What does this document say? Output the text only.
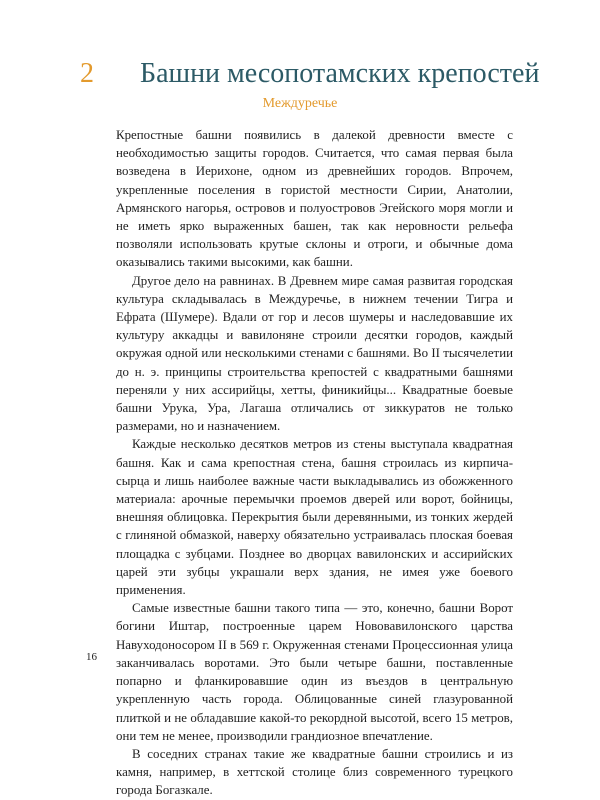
2 Башни месопотамских крепостей
Междуречье

Крепостные башни появились в далекой древности вместе с необходимостью защиты городов. Считается, что самая первая была возведена в Иерихоне, одном из древнейших городов. Впрочем, укрепленные поселения в гористой местности Сирии, Анатолии, Армянского нагорья, островов и полуостровов Эгейского моря могли и не иметь ярко выраженных башен, так как неровности рельефа позволяли использовать крутые склоны и отроги, и обычные дома оказывались такими высокими, как башни.

Другое дело на равнинах. В Древнем мире самая развитая городская культура складывалась в Междуречье, в нижнем течении Тигра и Ефрата (Шумере). Вдали от гор и лесов шумеры и наследовавшие их культуру аккадцы и вавилоняне строили десятки городов, каждый окружая одной или несколькими стенами с башнями. Во II тысячелетии до н. э. принципы строительства крепостей с квадратными башнями переняли у них ассирийцы, хетты, финикийцы... Квадратные боевые башни Урука, Ура, Лагаша отличались от зиккуратов не только размерами, но и назначением.

Каждые несколько десятков метров из стены выступала квадратная башня. Как и сама крепостная стена, башня строилась из кирпича-сырца и лишь наиболее важные части выкладывались из обожженного материала: арочные перемычки проемов дверей или ворот, бойницы, внешняя облицовка. Перекрытия были деревянными, из тонких жердей с глиняной обмазкой, наверху обязательно устраивалась плоская боевая площадка с зубцами. Позднее во дворцах вавилонских и ассирийских царей эти зубцы украшали верх здания, не имея уже боевого применения.

Самые известные башни такого типа — это, конечно, башни Ворот богини Иштар, построенные царем Нововавилонского царства Навуходоносором II в 569 г. Окруженная стенами Процессионная улица заканчивалась воротами. Это были четыре башни, поставленные попарно и фланкировавшие один из въездов в центральную укрепленную часть города. Облицованные синей глазурованной плиткой и не обладавшие какой-то рекордной высотой, всего 15 метров, они тем не менее, производили грандиозное впечатление.

В соседних странах такие же квадратные башни строились и из камня, например, в хеттской столице близ современного турецкого города Богазкале.

16
